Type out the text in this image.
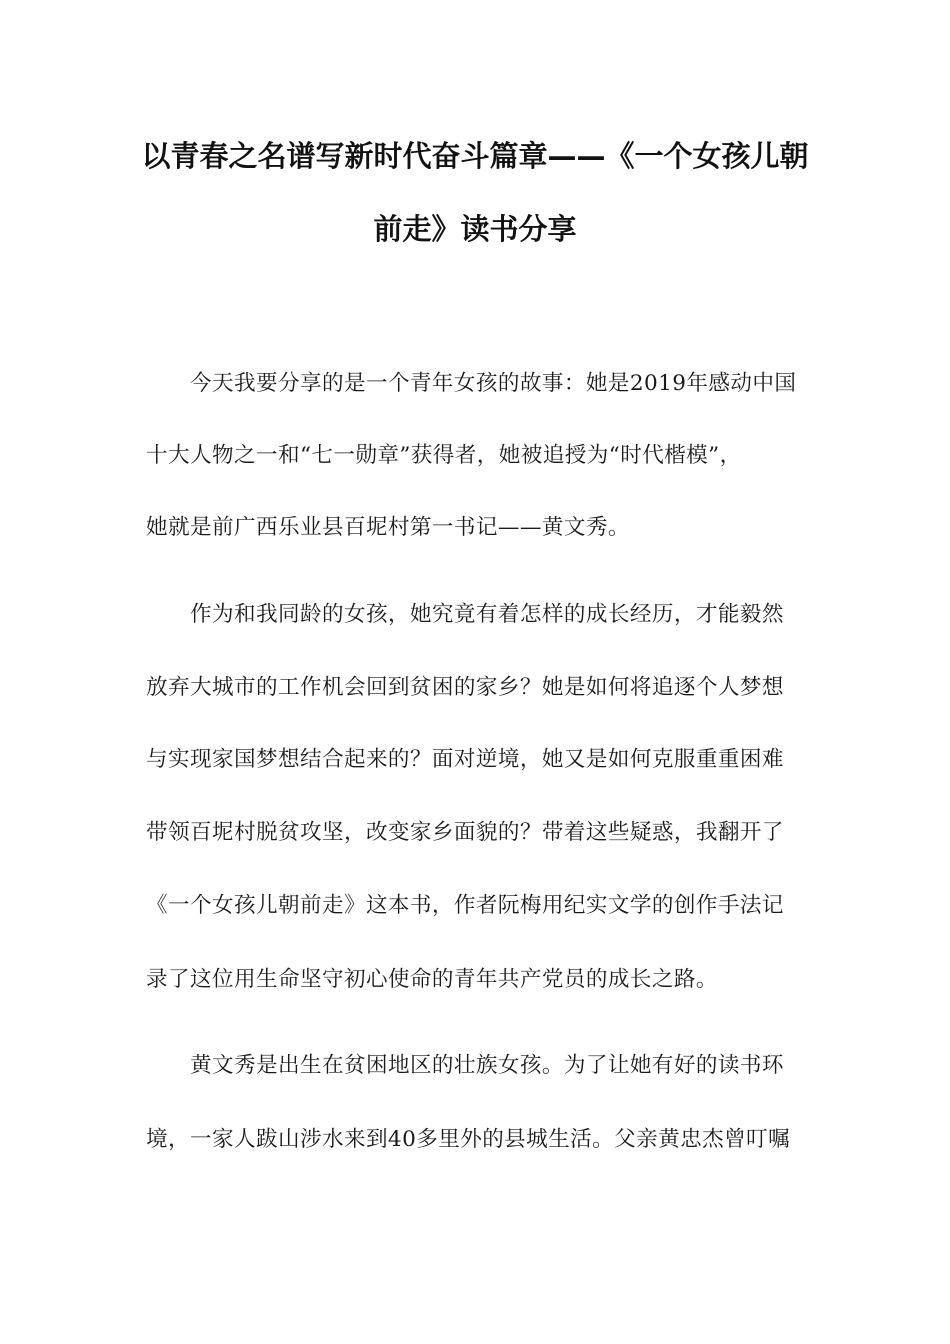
以青春之名谱写新时代奋斗篇章——《一个女孩儿朝
前走》读书分享
今天我要分享的是一个青年女孩的故事：她是2019年感动中国
十大人物之一和“七一勋章”获得者，她被追授为“时代楷模”，
她就是前广西乐业县百坭村第一书记——黄文秀。
作为和我同龄的女孩，她究竟有着怎样的成长经历，才能毅然
放弃大城市的工作机会回到贫困的家乡？她是如何将追逐个人梦想
与实现家国梦想结合起来的？面对逆境，她又是如何克服重重困难
带领百坭村脱贫攻坚，改变家乡面貌的？带着这些疑惑，我翻开了
《一个女孩儿朝前走》这本书，作者阮梅用纪实文学的创作手法记
录了这位用生命坚守初心使命的青年共产党员的成长之路。
黄文秀是出生在贫困地区的壮族女孩。为了让她有好的读书环
境，一家人跋山涉水来到40多里外的县城生活。父亲黄忠杰曾叮嘱
